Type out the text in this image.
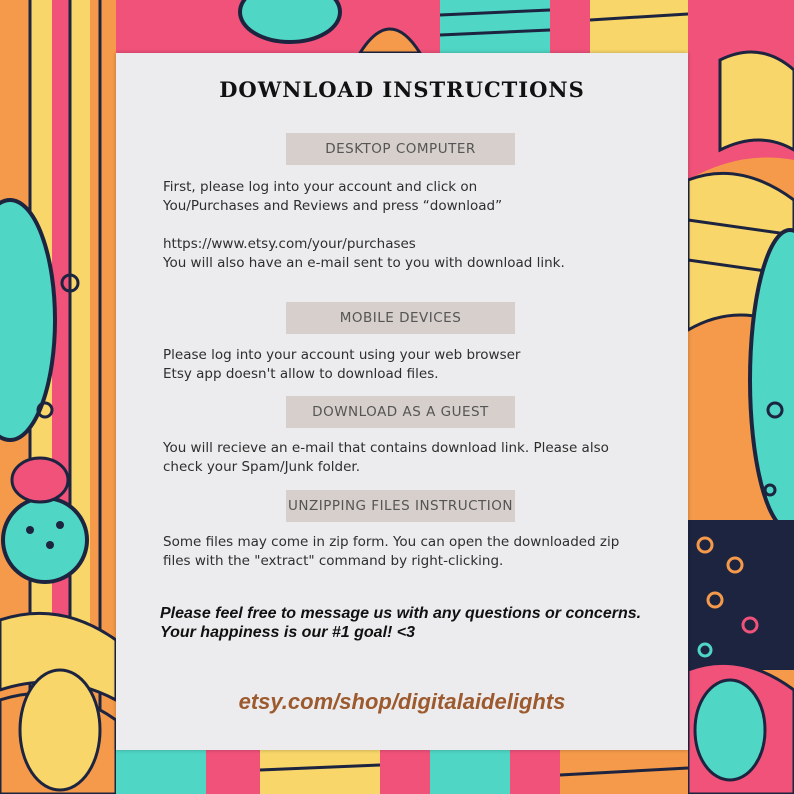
DOWNLOAD INSTRUCTIONS
DESKTOP COMPUTER
First, please log into your account and click on
You/Purchases and Reviews and press “download”
https://www.etsy.com/your/purchases
You will also have an e-mail sent to you with download link.
MOBILE DEVICES
Please log into your account using your web browser
Etsy app doesn't allow to download files.
DOWNLOAD AS A GUEST
You will recieve an e-mail that contains download link. Please also
check your Spam/Junk folder.
UNZIPPING FILES INSTRUCTION
Some files may come in zip form. You can open the downloaded zip
files with the "extract" command by right-clicking.
Please feel free to message us with any questions or concerns.
Your happiness is our #1 goal! <3
etsy.com/shop/digitalaidelights
